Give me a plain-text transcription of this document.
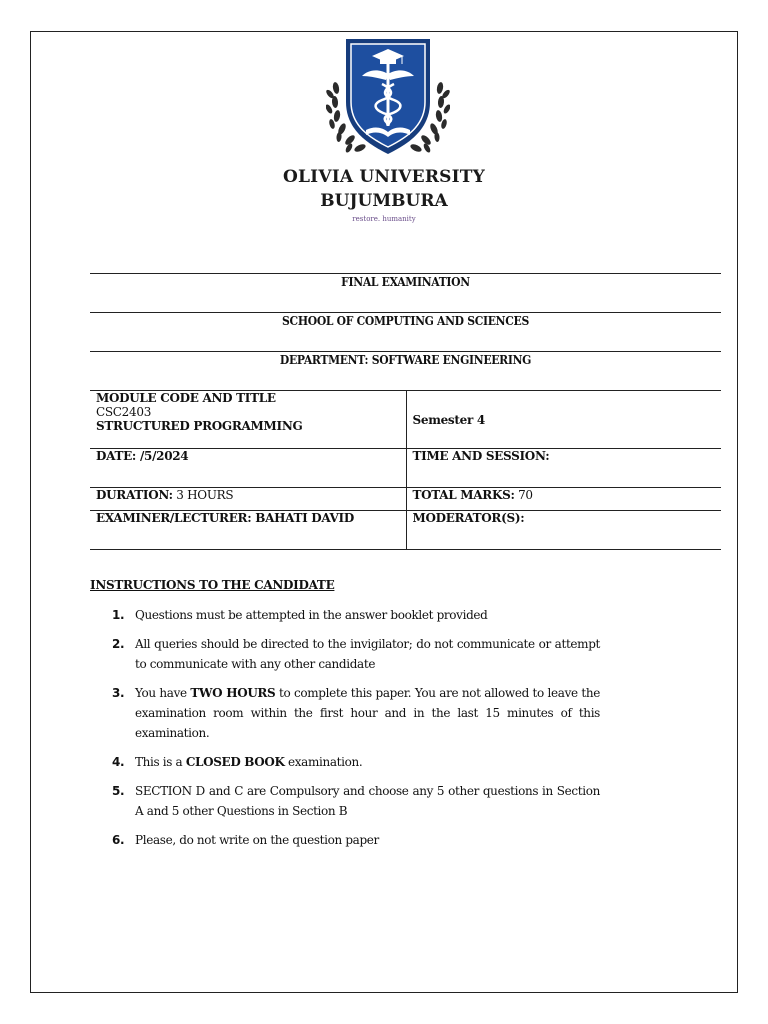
OLIVIA UNIVERSITY
BUJUMBURA
restore. humanity
FINAL EXAMINATION
SCHOOL OF COMPUTING AND SCIENCES
DEPARTMENT: SOFTWARE ENGINEERING
MODULE CODE AND TITLE
CSC2403
STRUCTURED PROGRAMMING	Semester 4
DATE: /5/2024	TIME AND SESSION:
DURATION: 3 HOURS	TOTAL MARKS: 70
EXAMINER/LECTURER: BAHATI DAVID	MODERATOR(S):
INSTRUCTIONS TO THE CANDIDATE
1. Questions must be attempted in the answer booklet provided
2. All queries should be directed to the invigilator; do not communicate or attempt to communicate with any other candidate
3. You have TWO HOURS to complete this paper. You are not allowed to leave the examination room within the first hour and in the last 15 minutes of this examination.
4. This is a CLOSED BOOK examination.
5. SECTION D and C are Compulsory and choose any 5 other questions in Section A and 5 other Questions in Section B
6. Please, do not write on the question paper
